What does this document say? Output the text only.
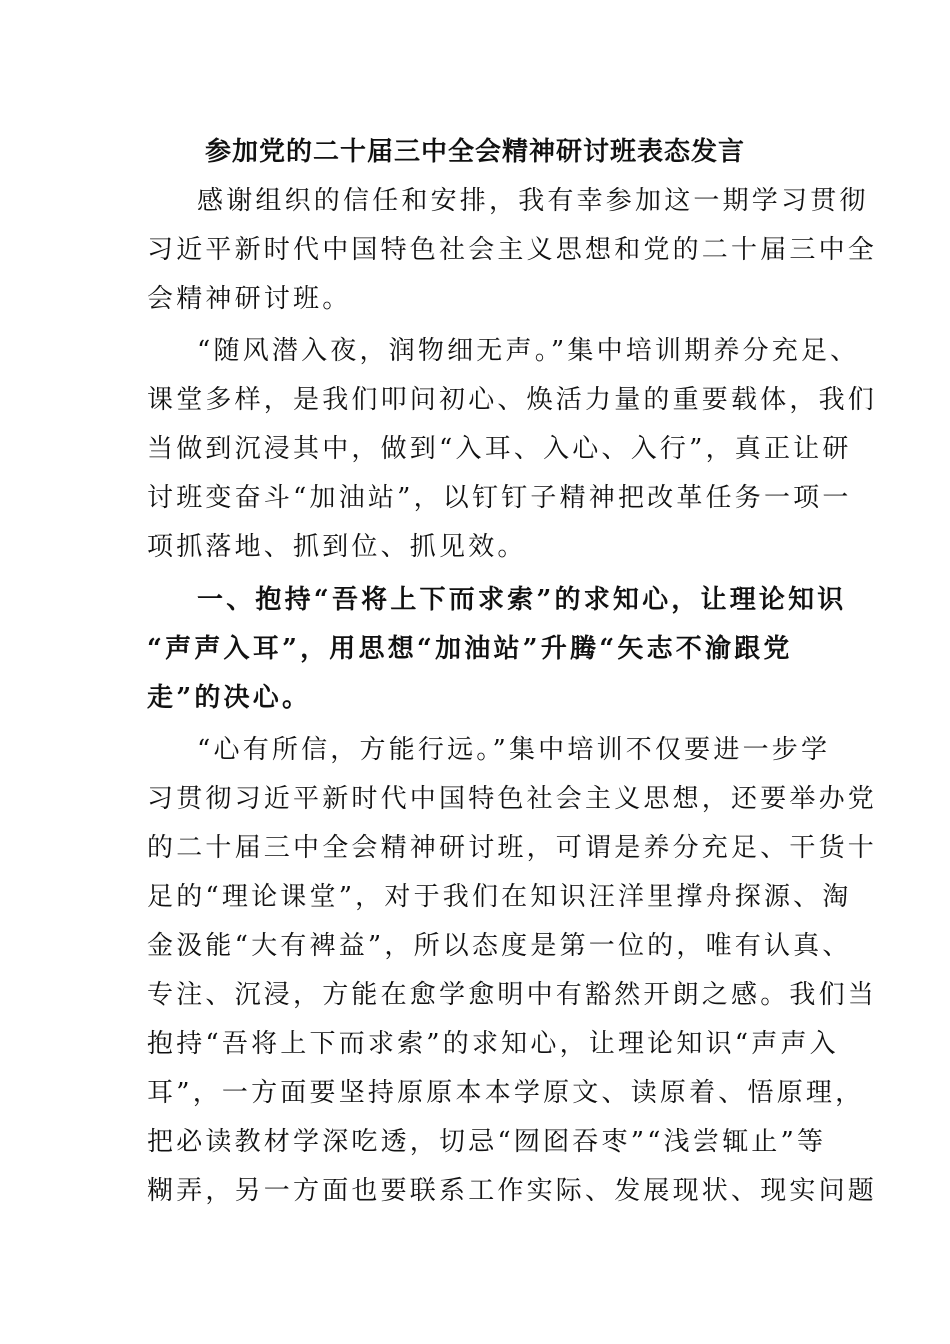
参加党的二十届三中全会精神研讨班表态发言

感谢组织的信任和安排，我有幸参加这一期学习贯彻

习近平新时代中国特色社会主义思想和党的二十届三中全

会精神研讨班。

“随风潜入夜，润物细无声。”集中培训期养分充足、

课堂多样，是我们叩问初心、焕活力量的重要载体，我们

当做到沉浸其中，做到“入耳、入心、入行”，真正让研

讨班变奋斗“加油站”，以钉钉子精神把改革任务一项一

项抓落地、抓到位、抓见效。

一、抱持“吾将上下而求索”的求知心，让理论知识

“声声入耳”，用思想“加油站”升腾“矢志不渝跟党

走”的决心。

“心有所信，方能行远。”集中培训不仅要进一步学

习贯彻习近平新时代中国特色社会主义思想，还要举办党

的二十届三中全会精神研讨班，可谓是养分充足、干货十

足的“理论课堂”，对于我们在知识汪洋里撑舟探源、淘

金汲能“大有裨益”，所以态度是第一位的，唯有认真、

专注、沉浸，方能在愈学愈明中有豁然开朗之感。我们当

抱持“吾将上下而求索”的求知心，让理论知识“声声入

耳”，一方面要坚持原原本本学原文、读原着、悟原理，

把必读教材学深吃透，切忌“囫囵吞枣”“浅尝辄止”等

糊弄，另一方面也要联系工作实际、发展现状、现实问题
